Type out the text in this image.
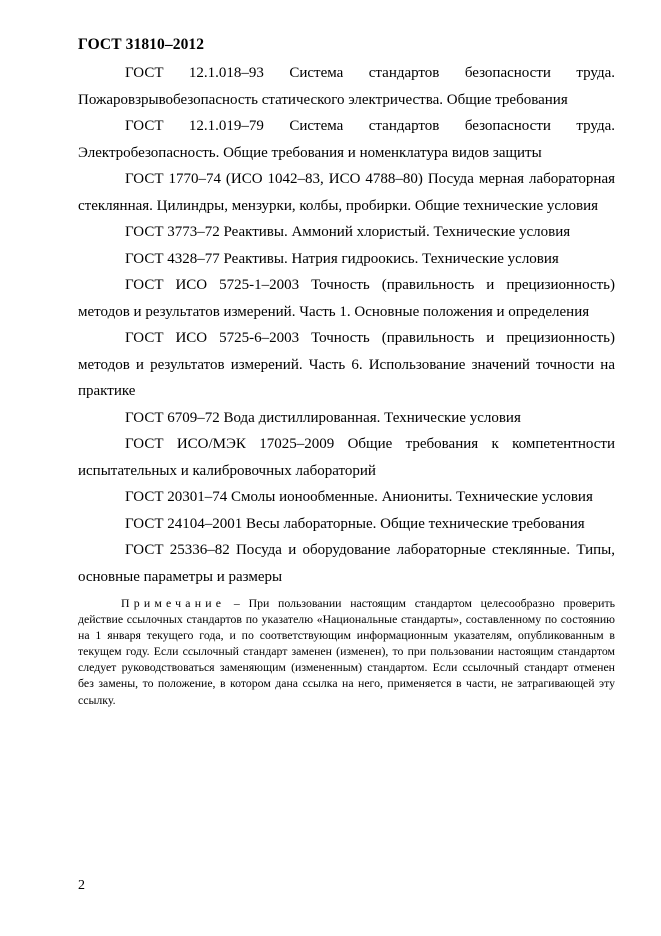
ГОСТ 31810–2012

ГОСТ 12.1.018–93 Система стандартов безопасности труда. Пожаровзрывобезопасность статического электричества. Общие требования

ГОСТ 12.1.019–79 Система стандартов безопасности труда. Электробезопасность. Общие требования и номенклатура видов защиты

ГОСТ 1770–74 (ИСО 1042–83, ИСО 4788–80) Посуда мерная лабораторная стеклянная. Цилиндры, мензурки, колбы, пробирки. Общие технические условия

ГОСТ 3773–72 Реактивы. Аммоний хлористый. Технические условия

ГОСТ 4328–77 Реактивы. Натрия гидроокись. Технические условия

ГОСТ ИСО 5725-1–2003 Точность (правильность и прецизионность) методов и результатов измерений. Часть 1. Основные положения и определения

ГОСТ ИСО 5725-6–2003 Точность (правильность и прецизионность) методов и результатов измерений. Часть 6. Использование значений точности на практике

ГОСТ 6709–72 Вода дистиллированная. Технические условия

ГОСТ ИСО/МЭК 17025–2009 Общие требования к компетентности испытательных и калибровочных лабораторий

ГОСТ 20301–74 Смолы ионообменные. Аниониты. Технические условия

ГОСТ 24104–2001 Весы лабораторные. Общие технические требования

ГОСТ 25336–82 Посуда и оборудование лабораторные стеклянные. Типы, основные параметры и размеры

Примечание – При пользовании настоящим стандартом целесообразно проверить действие ссылочных стандартов по указателю «Национальные стандарты», составленному по состоянию на 1 января текущего года, и по соответствующим информационным указателям, опубликованным в текущем году. Если ссылочный стандарт заменен (изменен), то при пользовании настоящим стандартом следует руководствоваться заменяющим (измененным) стандартом. Если ссылочный стандарт отменен без замены, то положение, в котором дана ссылка на него, применяется в части, не затрагивающей эту ссылку.
2
